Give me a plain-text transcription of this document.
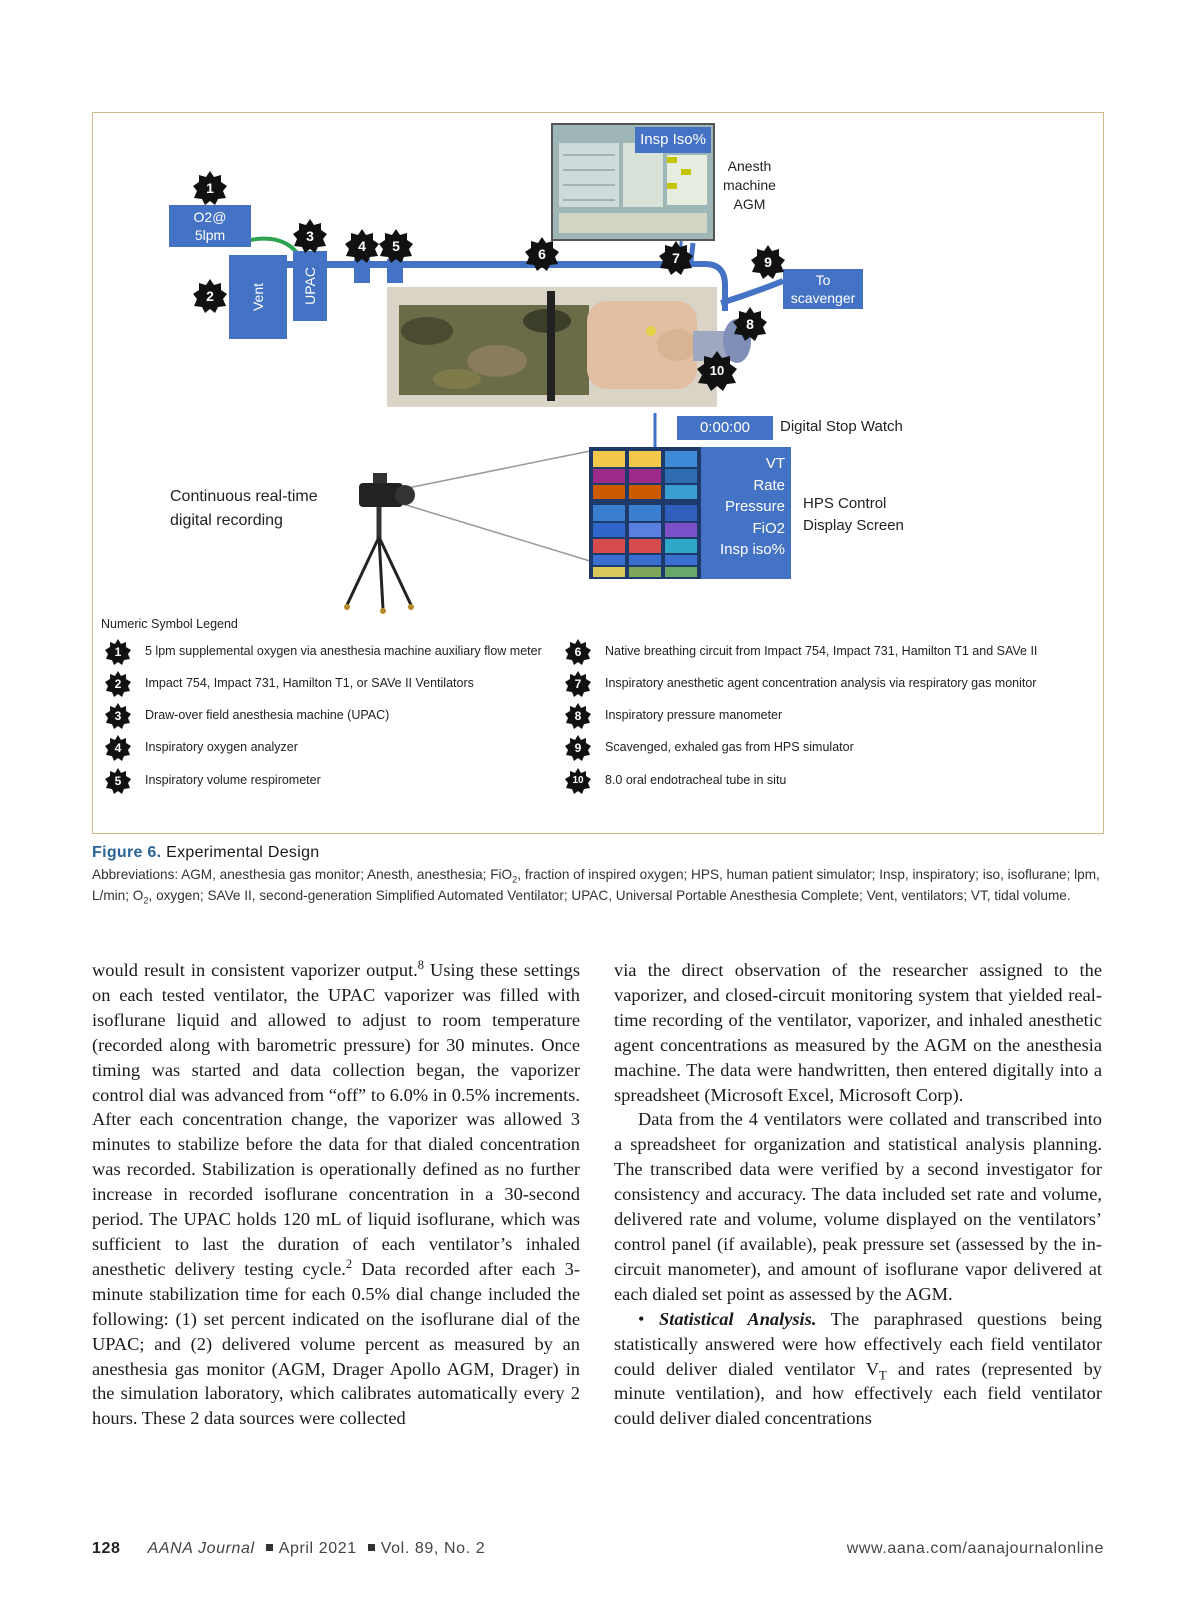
O2@
5lpm
Vent	UPAC	To
scavenger
Insp Iso%
Anesth
machine
AGM
Continuous real-time
digital recording
0:00:00 Digital Stop Watch
VT
Rate
Pressure
FiO2
Insp iso%
HPS Control
Display Screen
1
2
3
4	5	6	7
8
9
10
Numeric Symbol Legend
1	5 lpm supplemental oxygen via anesthesia machine auxiliary flow meter
2	Impact 754, Impact 731, Hamilton T1, or SAVe II Ventilators
3	Draw-over field anesthesia machine (UPAC)
4	Inspiratory oxygen analyzer
5	Inspiratory volume respirometer
6	Native breathing circuit from Impact 754, Impact 731, Hamilton T1 and SAVe II
7	Inspiratory anesthetic agent concentration analysis via respiratory gas monitor
8	Inspiratory pressure manometer
9	Scavenged, exhaled gas from HPS simulator
10	8.0 oral endotracheal tube in situ
Figure 6. Experimental Design
Abbreviations: AGM, anesthesia gas monitor; Anesth, anesthesia; FiO$_2$, fraction of inspired oxygen; HPS, human patient simulator; Insp, inspiratory; iso, isoflurane; lpm, L/min; $O_2$, oxygen; SAVe II, second-generation Simplified Automated Ventilator; UPAC, Universal Portable Anesthesia Complete; Vent, ventilators; VT, tidal volume.

would result in consistent vaporizer output.$^8$ Using these settings on each tested ventilator, the UPAC vaporizer was filled with isoflurane liquid and allowed to adjust to room temperature (recorded along with barometric pressure) for 30 minutes. Once timing was started and data collection began, the vaporizer control dial was advanced from “off” to 6.0% in 0.5% increments. After each concentration change, the vaporizer was allowed 3 minutes to stabilize before the data for that dialed concentration was recorded. Stabilization is operationally defined as no further increase in recorded isoflurane concentration in a 30-second period. The UPAC holds 120 mL of liquid isoflurane, which was sufficient to last the duration of each ventilator’s inhaled anesthetic delivery testing cycle.$^2$ Data recorded after each 3-minute stabilization time for each 0.5% dial change included the following: (1) set percent indicated on the isoflurane dial of the UPAC; and (2) delivered volume percent as measured by an anesthesia gas monitor (AGM, Drager Apollo AGM, Drager) in the simulation laboratory, which calibrates automatically every 2 hours. These 2 data sources were collected

via the direct observation of the researcher assigned to the vaporizer, and closed-circuit monitoring system that yielded real-time recording of the ventilator, vaporizer, and inhaled anesthetic agent concentrations as measured by the AGM on the anesthesia machine. The data were handwritten, then entered digitally into a spreadsheet (Microsoft Excel, Microsoft Corp).

Data from the 4 ventilators were collated and transcribed into a spreadsheet for organization and statistical analysis planning. The transcribed data were verified by a second investigator for consistency and accuracy. The data included set rate and volume, delivered rate and volume, volume displayed on the ventilators’ control panel (if available), peak pressure set (assessed by the in-circuit manometer), and amount of isoflurane vapor delivered at each dialed set point as assessed by the AGM.

• Statistical Analysis. The paraphrased questions being statistically answered were how effectively each field ventilator could deliver dialed ventilator $V_T$ and rates (represented by minute ventilation), and how effectively each field ventilator could deliver dialed concentrations

128 AANA Journal April 2021 Vol. 89, No. 2	www.aana.com/aanajournalonline
